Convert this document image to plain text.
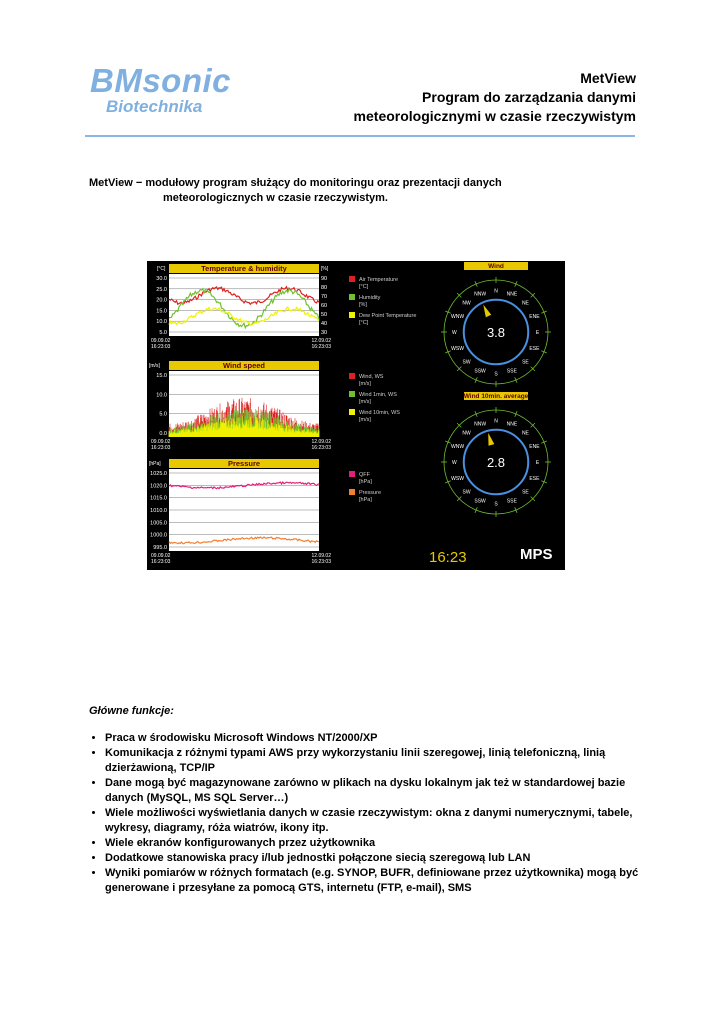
BMsonic
Biotechnika
MetView
Program do zarządzania danymi
meteorologicznymi w czasie rzeczywistym
MetView − modułowy program służący do monitoringu oraz prezentacji danych
meteorologicznych w czasie rzeczywistym.
Temperature & humidity
30.0
25.0
20.0
15.0
10.0
5.0
90
80
70
60
50
40
30
[%]
[°C]
09.09.02
16:23:03
12.09.02
16:23:03
Air Temperature
[°C]
Humidity
[%]
Dew Point Temperature
[°C]
Wind speed
15.0
10.0
5.0
0.0
[m/s]
09.09.02
16:23:03
12.09.02
16:23:03
Wind, WS
[m/s]
Wind 1min, WS
[m/s]
Wind 10min, WS
[m/s]
Pressure
1025.0
1020.0
1015.0
1010.0
1005.0
1000.0
995.0
[hPa]
09.09.02
16:23:03
12.09.02
16:23:03
QFF
[hPa]
Pressure
[hPa]
Wind
N
NNE
NE
ENE
E
ESE
SE
SSE
S
SSW
SW
WSW
W
WNW
NW
NNW
3.8
Wind 10min. average
N
NNE
NE
ENE
E
ESE
SE
SSE
S
SSW
SW
WSW
W
WNW
NW
NNW
2.8
16:23	MPS
Główne funkcje:
• Praca w środowisku Microsoft Windows NT/2000/XP
• Komunikacja z różnymi typami AWS przy wykorzystaniu linii szeregowej, linią telefoniczną, linią dzierżawioną, TCP/IP
• Dane mogą być magazynowane zarówno w plikach na dysku lokalnym jak też w standardowej bazie danych (MySQL, MS SQL Server…)
• Wiele możliwości wyświetlania danych w czasie rzeczywistym: okna z danymi numerycznymi, tabele, wykresy, diagramy, róża wiatrów, ikony itp.
• Wiele ekranów konfigurowanych przez użytkownika
• Dodatkowe stanowiska pracy i/lub jednostki połączone siecią szeregową lub LAN
• Wyniki pomiarów w różnych formatach (e.g. SYNOP, BUFR, definiowane przez użytkownika) mogą być generowane i przesyłane za pomocą GTS, internetu (FTP, e-mail), SMS
